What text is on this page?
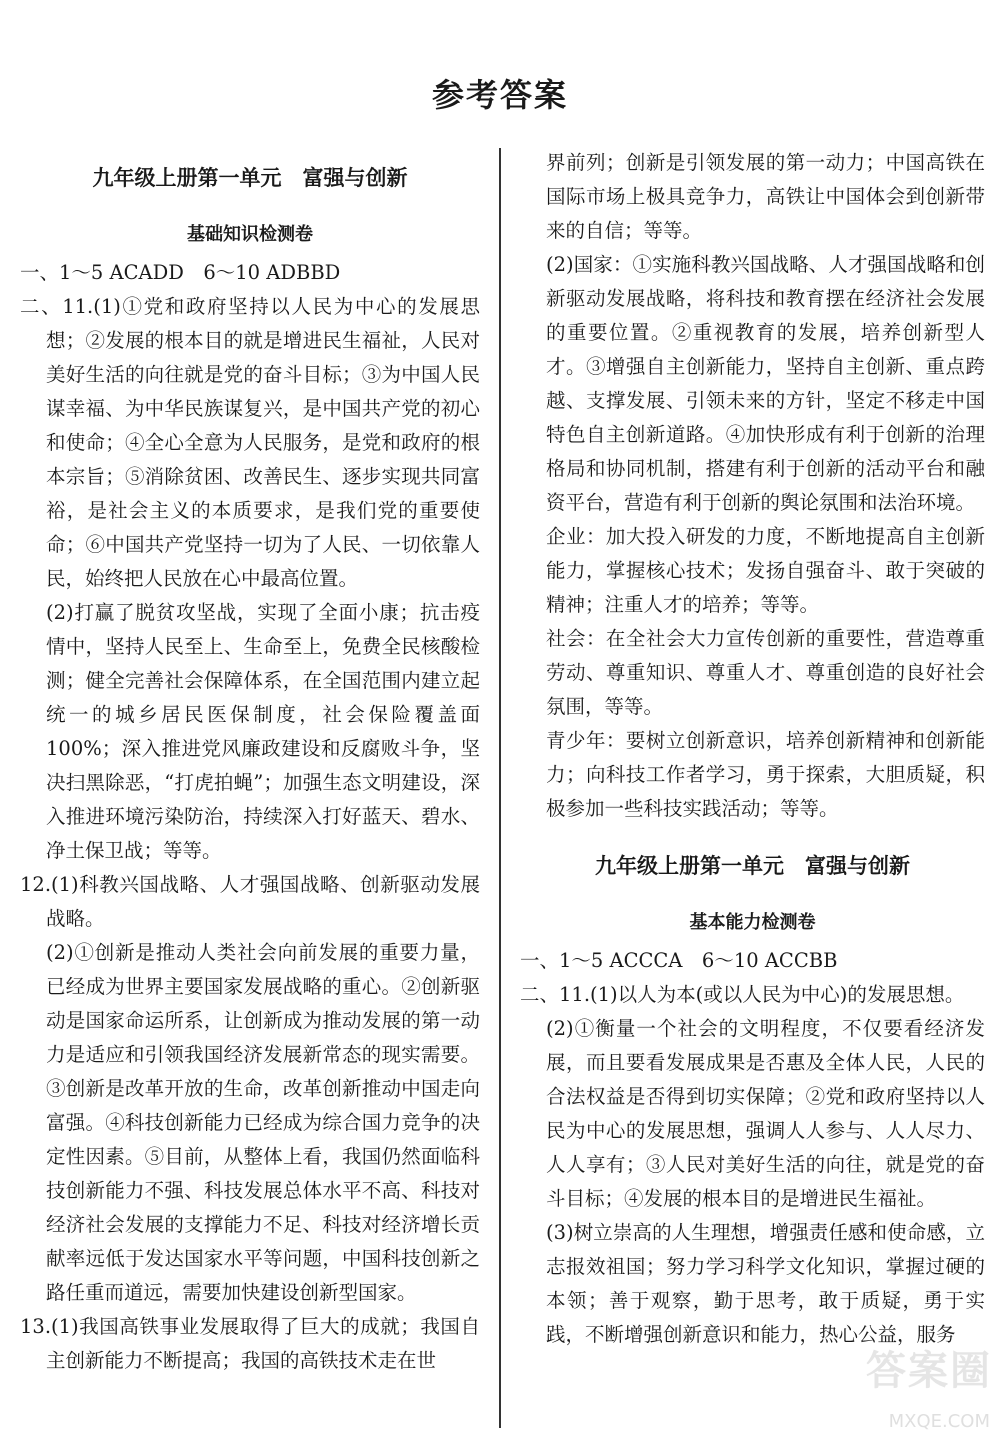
参考答案
九年级上册第一单元　富强与创新
基础知识检测卷

一、1～5 ACADD　6～10 ADBBD

二、11.(1)①党和政府坚持以人民为中心的发展思想；②发展的根本目的就是增进民生福祉，人民对美好生活的向往就是党的奋斗目标；③为中国人民谋幸福、为中华民族谋复兴，是中国共产党的初心和使命；④全心全意为人民服务，是党和政府的根本宗旨；⑤消除贫困、改善民生、逐步实现共同富裕，是社会主义的本质要求，是我们党的重要使命；⑥中国共产党坚持一切为了人民、一切依靠人民，始终把人民放在心中最高位置。

(2)打赢了脱贫攻坚战，实现了全面小康；抗击疫情中，坚持人民至上、生命至上，免费全民核酸检测；健全完善社会保障体系，在全国范围内建立起统一的城乡居民医保制度，社会保险覆盖面100%；深入推进党风廉政建设和反腐败斗争，坚决扫黑除恶，“打虎拍蝇”；加强生态文明建设，深入推进环境污染防治，持续深入打好蓝天、碧水、净土保卫战；等等。

12.(1)科教兴国战略、人才强国战略、创新驱动发展战略。

(2)①创新是推动人类社会向前发展的重要力量，已经成为世界主要国家发展战略的重心。②创新驱动是国家命运所系，让创新成为推动发展的第一动力是适应和引领我国经济发展新常态的现实需要。③创新是改革开放的生命，改革创新推动中国走向富强。④科技创新能力已经成为综合国力竞争的决定性因素。⑤目前，从整体上看，我国仍然面临科技创新能力不强、科技发展总体水平不高、科技对经济社会发展的支撑能力不足、科技对经济增长贡献率远低于发达国家水平等问题，中国科技创新之路任重而道远，需要加快建设创新型国家。

13.(1)我国高铁事业发展取得了巨大的成就；我国自主创新能力不断提高；我国的高铁技术走在世

界前列；创新是引领发展的第一动力；中国高铁在国际市场上极具竞争力，高铁让中国体会到创新带来的自信；等等。

(2)国家：①实施科教兴国战略、人才强国战略和创新驱动发展战略，将科技和教育摆在经济社会发展的重要位置。②重视教育的发展，培养创新型人才。③增强自主创新能力，坚持自主创新、重点跨越、支撑发展、引领未来的方针，坚定不移走中国特色自主创新道路。④加快形成有利于创新的治理格局和协同机制，搭建有利于创新的活动平台和融资平台，营造有利于创新的舆论氛围和法治环境。

企业：加大投入研发的力度，不断地提高自主创新能力，掌握核心技术；发扬自强奋斗、敢于突破的精神；注重人才的培养；等等。

社会：在全社会大力宣传创新的重要性，营造尊重劳动、尊重知识、尊重人才、尊重创造的良好社会氛围，等等。

青少年：要树立创新意识，培养创新精神和创新能力；向科技工作者学习，勇于探索，大胆质疑，积极参加一些科技实践活动；等等。

九年级上册第一单元　富强与创新
基本能力检测卷

一、1～5 ACCCA　6～10 ACCBB

二、11.(1)以人为本(或以人民为中心)的发展思想。

(2)①衡量一个社会的文明程度，不仅要看经济发展，而且要看发展成果是否惠及全体人民，人民的合法权益是否得到切实保障；②党和政府坚持以人民为中心的发展思想，强调人人参与、人人尽力、人人享有；③人民对美好生活的向往，就是党的奋斗目标；④发展的根本目的是增进民生福祉。

(3)树立崇高的人生理想，增强责任感和使命感，立志报效祖国；努力学习科学文化知识，掌握过硬的本领；善于观察，勤于思考，敢于质疑，勇于实践，不断增强创新意识和能力，热心公益，服务

答案圈
MXQE.COM
